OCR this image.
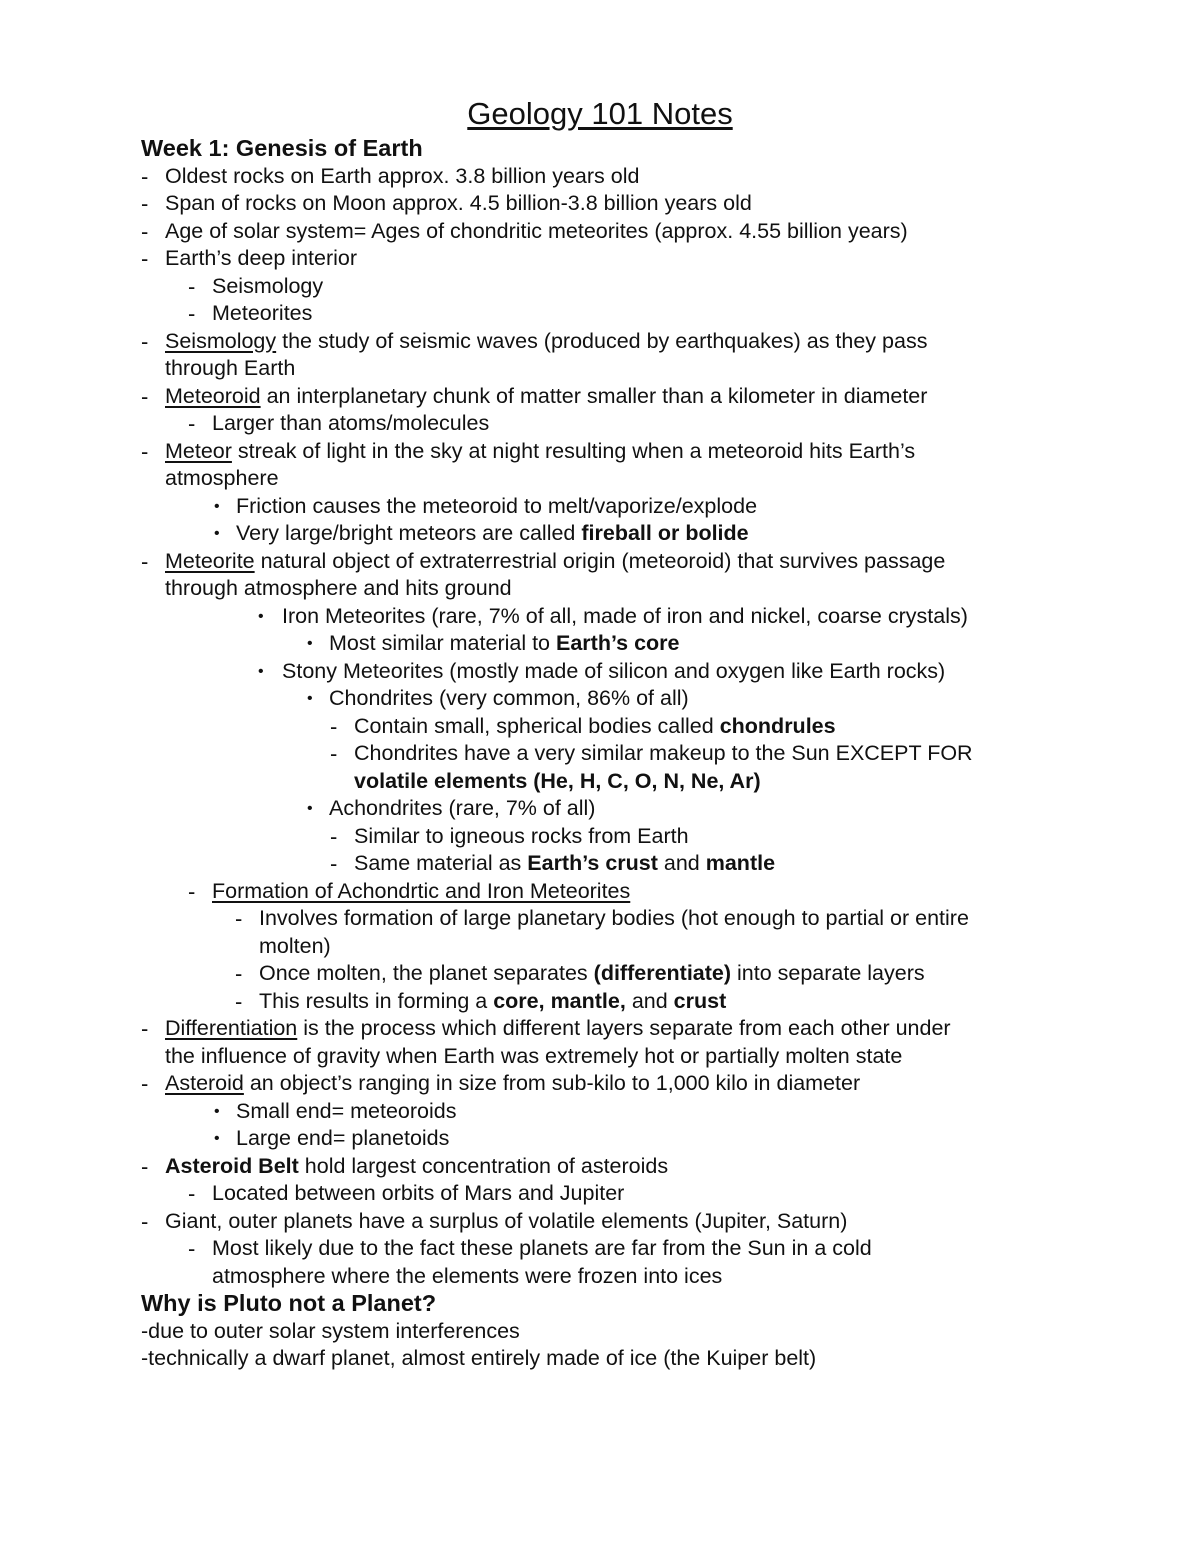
Geology 101 Notes
Week 1: Genesis of Earth
- Oldest rocks on Earth approx. 3.8 billion years old
- Span of rocks on Moon approx. 4.5 billion-3.8 billion years old
- Age of solar system= Ages of chondritic meteorites (approx. 4.55 billion years)
- Earth’s deep interior
- Seismology
- Meteorites
- Seismology the study of seismic waves (produced by earthquakes) as they pass
through Earth
- Meteoroid an interplanetary chunk of matter smaller than a kilometer in diameter
- Larger than atoms/molecules
- Meteor streak of light in the sky at night resulting when a meteoroid hits Earth’s
atmosphere
• Friction causes the meteoroid to melt/vaporize/explode
• Very large/bright meteors are called fireball or bolide
- Meteorite natural object of extraterrestrial origin (meteoroid) that survives passage
through atmosphere and hits ground
• Iron Meteorites (rare, 7% of all, made of iron and nickel, coarse crystals)
• Most similar material to Earth’s core
• Stony Meteorites (mostly made of silicon and oxygen like Earth rocks)
• Chondrites (very common, 86% of all)
- Contain small, spherical bodies called chondrules
- Chondrites have a very similar makeup to the Sun EXCEPT FOR
volatile elements (He, H, C, O, N, Ne, Ar)
• Achondrites (rare, 7% of all)
- Similar to igneous rocks from Earth
- Same material as Earth’s crust and mantle
- Formation of Achondrtic and Iron Meteorites
- Involves formation of large planetary bodies (hot enough to partial or entire
molten)
- Once molten, the planet separates (differentiate) into separate layers
- This results in forming a core, mantle, and crust
- Differentiation is the process which different layers separate from each other under
the influence of gravity when Earth was extremely hot or partially molten state
- Asteroid an object’s ranging in size from sub-kilo to 1,000 kilo in diameter
• Small end= meteoroids
• Large end= planetoids
- Asteroid Belt hold largest concentration of asteroids
- Located between orbits of Mars and Jupiter
- Giant, outer planets have a surplus of volatile elements (Jupiter, Saturn)
- Most likely due to the fact these planets are far from the Sun in a cold
atmosphere where the elements were frozen into ices
Why is Pluto not a Planet?
-due to outer solar system interferences
-technically a dwarf planet, almost entirely made of ice (the Kuiper belt)
